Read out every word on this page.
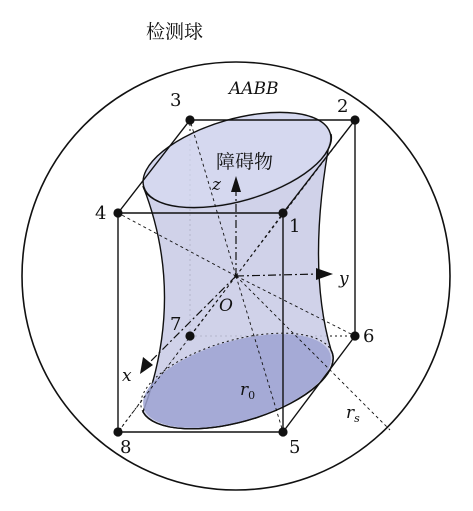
检测球
AABB
1
2
3
4
5
6
7
8
障碍物
z
y
x
O
$r_0$
$r_s$
